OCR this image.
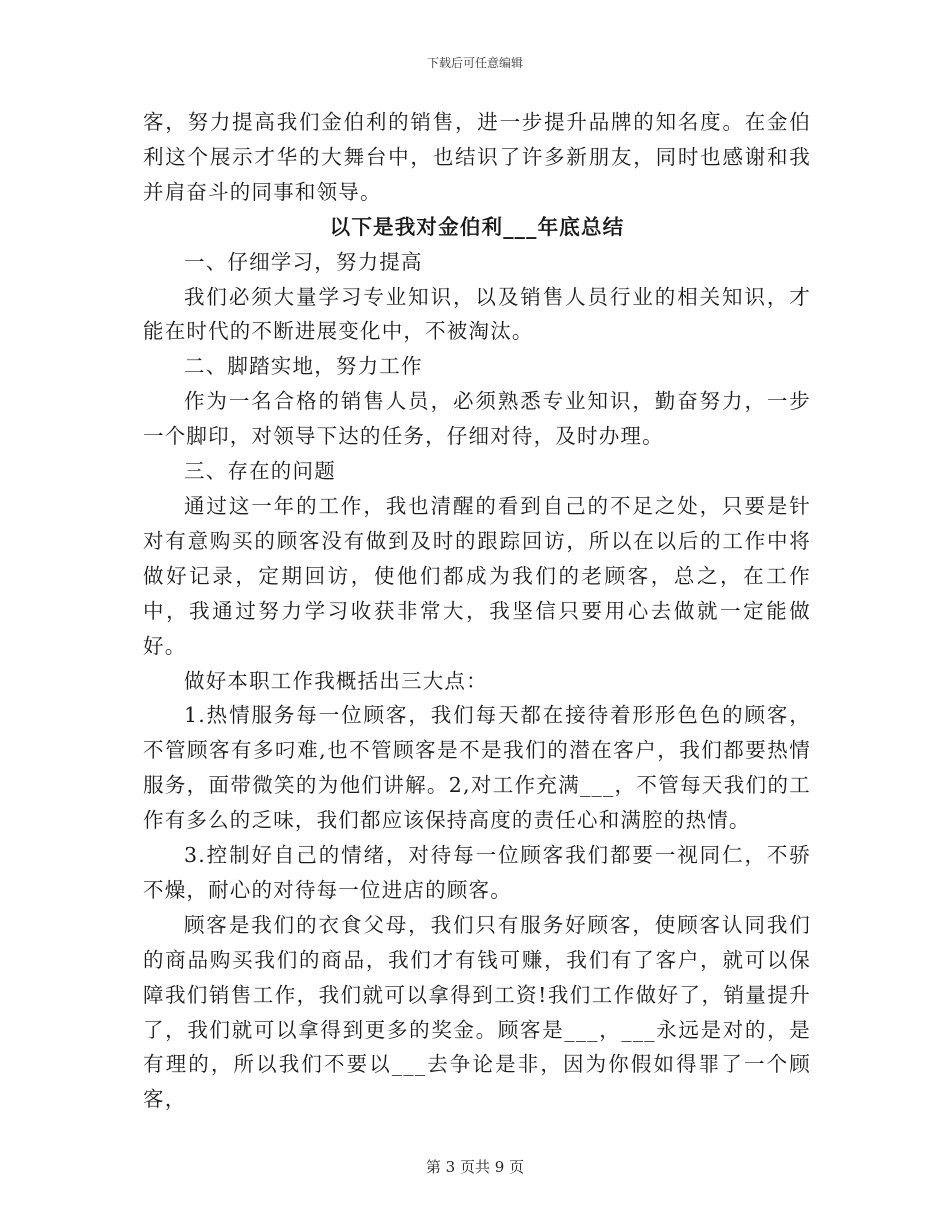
下载后可任意编辑

客，努力提高我们金伯利的销售，进一步提升品牌的知名度。在金伯利这个展示才华的大舞台中，也结识了许多新朋友，同时也感谢和我并肩奋斗的同事和领导。

以下是我对金伯利___年底总结

一、仔细学习，努力提高

我们必须大量学习专业知识，以及销售人员行业的相关知识，才能在时代的不断进展变化中，不被淘汰。

二、脚踏实地，努力工作

作为一名合格的销售人员，必须熟悉专业知识，勤奋努力，一步一个脚印，对领导下达的任务，仔细对待，及时办理。

三、存在的问题

通过这一年的工作，我也清醒的看到自己的不足之处，只要是针对有意购买的顾客没有做到及时的跟踪回访，所以在以后的工作中将做好记录，定期回访，使他们都成为我们的老顾客，总之，在工作中，我通过努力学习收获非常大，我坚信只要用心去做就一定能做好。

做好本职工作我概括出三大点：

1.热情服务每一位顾客，我们每天都在接待着形形色色的顾客，不管顾客有多叼难,也不管顾客是不是我们的潜在客户，我们都要热情服务，面带微笑的为他们讲解。2,对工作充满___，不管每天我们的工作有多么的乏味，我们都应该保持高度的责任心和满腔的热情。

3.控制好自己的情绪，对待每一位顾客我们都要一视同仁，不骄不燥，耐心的对待每一位进店的顾客。

顾客是我们的衣食父母，我们只有服务好顾客，使顾客认同我们的商品购买我们的商品，我们才有钱可赚，我们有了客户，就可以保障我们销售工作，我们就可以拿得到工资!我们工作做好了，销量提升了，我们就可以拿得到更多的奖金。顾客是___，___永远是对的，是有理的，所以我们不要以___去争论是非，因为你假如得罪了一个顾客，

第 3 页共 9 页
